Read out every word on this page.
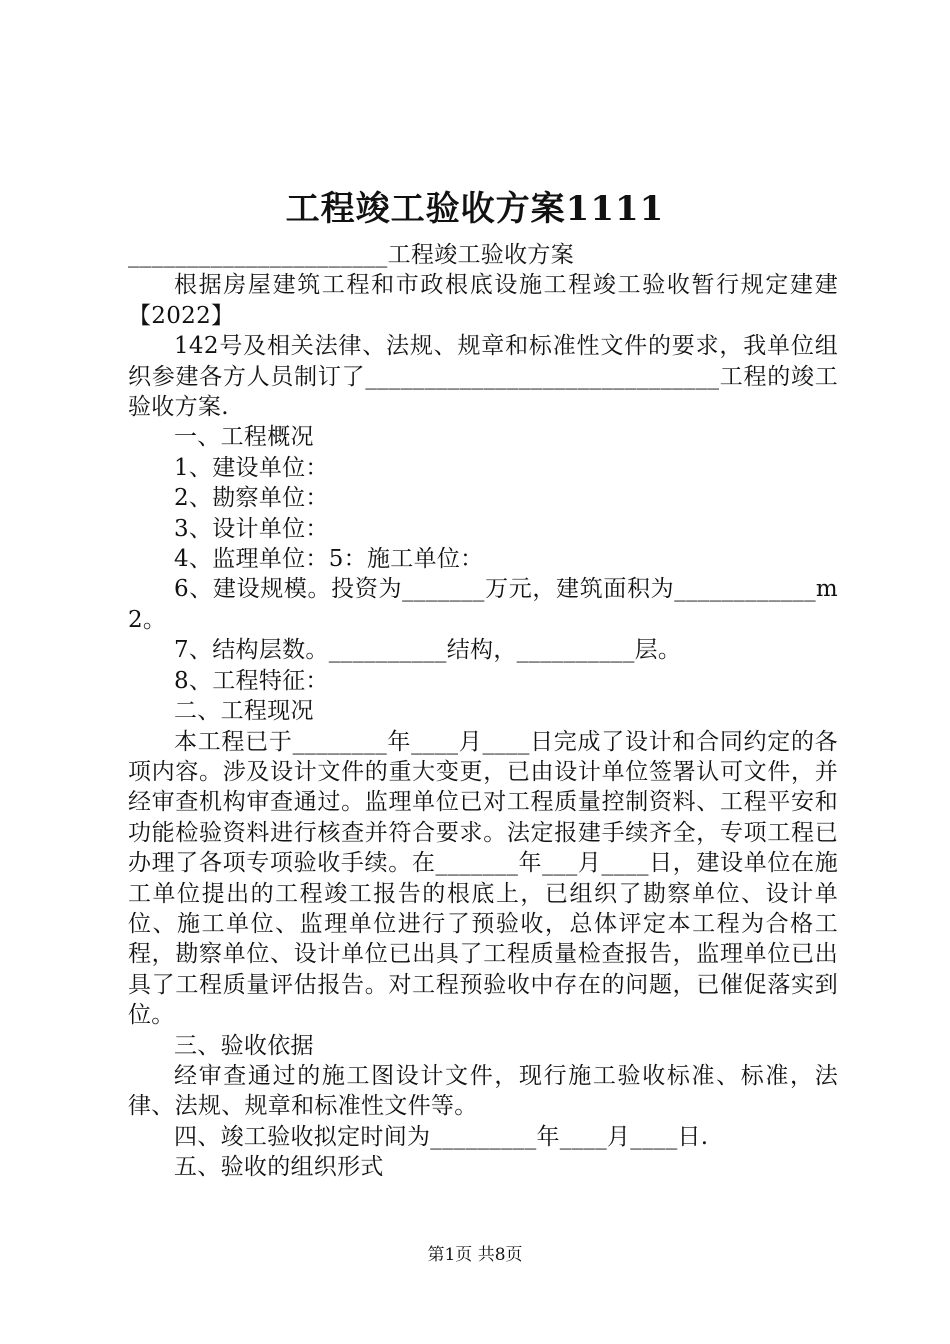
工程竣工验收方案1111

______________________工程竣工验收方案

根据房屋建筑工程和市政根底设施工程竣工验收暂行规定建建【2022】

142号及相关法律、法规、规章和标准性文件的要求，我单位组织参建各方人员制订了______________________________工程的竣工验收方案.

一、工程概况

1、建设单位：

2、勘察单位：

3、设计单位：

4、监理单位：5：施工单位：

6、建设规模。投资为_______万元，建筑面积为____________m2。

7、结构层数。__________结构，__________层。

8、工程特征：

二、工程现况

本工程已于________年____月____日完成了设计和合同约定的各项内容。涉及设计文件的重大变更，已由设计单位签署认可文件，并经审查机构审查通过。监理单位已对工程质量控制资料、工程平安和功能检验资料进行核查并符合要求。法定报建手续齐全，专项工程已办理了各项专项验收手续。在_______年___月____日，建设单位在施工单位提出的工程竣工报告的根底上，已组织了勘察单位、设计单位、施工单位、监理单位进行了预验收，总体评定本工程为合格工程，勘察单位、设计单位已出具了工程质量检查报告，监理单位已出具了工程质量评估报告。对工程预验收中存在的问题，已催促落实到位。

三、验收依据

经审查通过的施工图设计文件，现行施工验收标准、标准，法律、法规、规章和标准性文件等。

四、竣工验收拟定时间为_________年____月____日.

五、验收的组织形式

第1页 共8页
